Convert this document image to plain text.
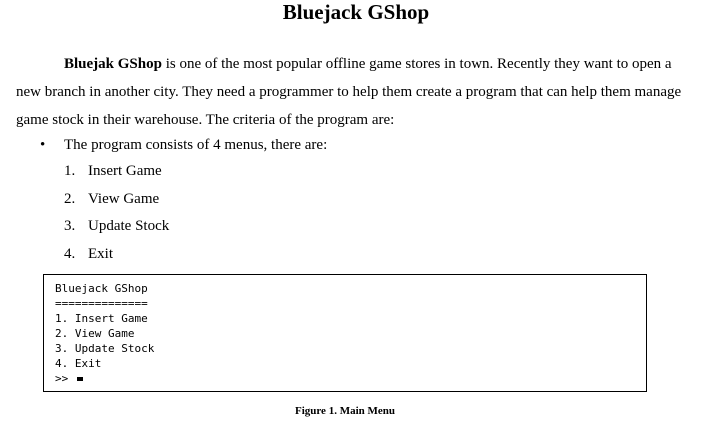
Bluejack GShop
Bluejak GShop is one of the most popular offline game stores in town. Recently they want to open a new branch in another city. They need a programmer to help them create a program that can help them manage game stock in their warehouse. The criteria of the program are:
• The program consists of 4 menus, there are:
1. Insert Game
2. View Game
3. Update Stock
4. Exit
Bluejack GShop
==============
1. Insert Game
2. View Game
3. Update Stock
4. Exit
>>
Figure 1. Main Menu
